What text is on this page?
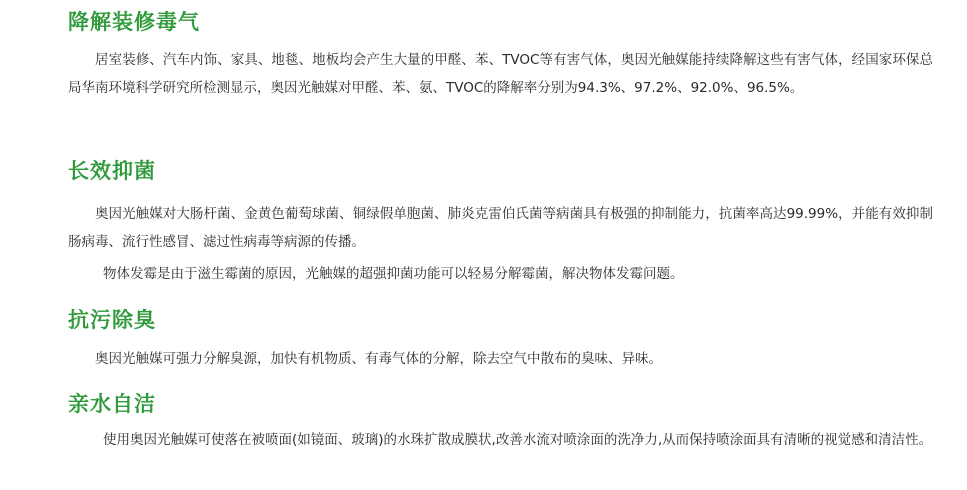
降解装修毒气

居室装修、汽车内饰、家具、地毯、地板均会产生大量的甲醛、苯、TVOC等有害气体，奥因光触媒能持续降解这些有害气体，经国家环保总局华南环境科学研究所检测显示，奥因光触媒对甲醛、苯、氨、TVOC的降解率分别为94.3%、97.2%、92.0%、96.5%。

长效抑菌

奥因光触媒对大肠杆菌、金黄色葡萄球菌、铜绿假单胞菌、肺炎克雷伯氏菌等病菌具有极强的抑制能力，抗菌率高达99.99%，并能有效抑制肠病毒、流行性感冒、滤过性病毒等病源的传播。

物体发霉是由于滋生霉菌的原因，光触媒的超强抑菌功能可以轻易分解霉菌，解决物体发霉问题。

抗污除臭

奥因光触媒可强力分解臭源，加快有机物质、有毒气体的分解，除去空气中散布的臭味、异味。

亲水自洁

使用奥因光触媒可使落在被喷面(如镜面、玻璃)的水珠扩散成膜状,改善水流对喷涂面的洗净力,从而保持喷涂面具有清晰的视觉感和清洁性。
